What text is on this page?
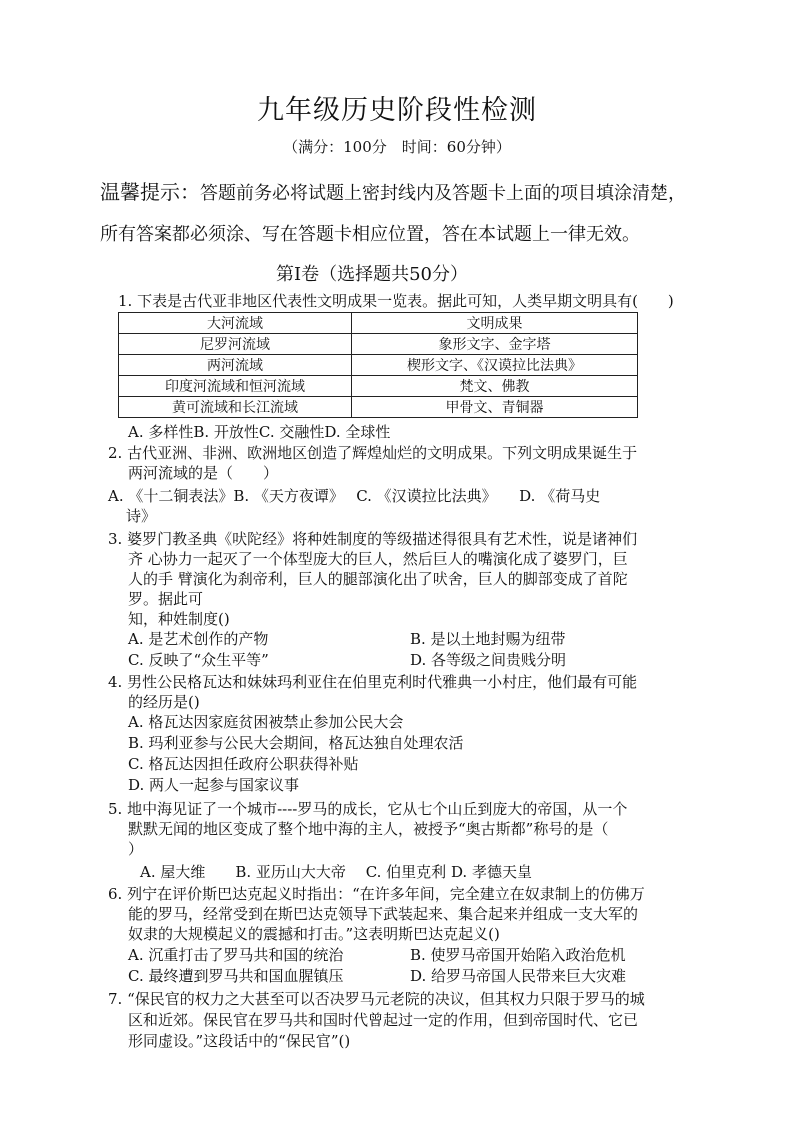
九年级历史阶段性检测
（满分：100分　时间：60分钟）
温馨提示：答题前务必将试题上密封线内及答题卡上面的项目填涂清楚，
所有答案都必须涂、写在答题卡相应位置，答在本试题上一律无效。
第Ⅰ卷（选择题共50分）
1. 下表是古代亚非地区代表性文明成果一览表。据此可知，人类早期文明具有(　　)
大河流域	文明成果
尼罗河流域	象形文字、金字塔
两河流域	楔形文字、《汉谟拉比法典》
印度河流域和恒河流域	梵文、佛教
黄可流域和长江流域	甲骨文、青铜器
A. 多样性B. 开放性C. 交融性D. 全球性
2. 古代亚洲、非洲、欧洲地区创造了辉煌灿烂的文明成果。下列文明成果诞生于
两河流域的是（　　）
A. 《十二铜表法》B. 《天方夜谭》　 C. 《汉谟拉比法典》　　D. 《荷马史
诗》
3. 婆罗门教圣典《吠陀经》将种姓制度的等级描述得很具有艺术性，说是诸神们
齐 心协力一起灭了一个体型庞大的巨人，然后巨人的嘴演化成了婆罗门，巨
人的手 臂演化为刹帝利，巨人的腿部演化出了吠舍，巨人的脚部变成了首陀
罗。据此可
知，种姓制度()
A. 是艺术创作的产物	B. 是以土地封赐为纽带
C. 反映了“众生平等”	D. 各等级之间贵贱分明
4. 男性公民格瓦达和妹妹玛利亚住在伯里克利时代雅典一小村庄，他们最有可能
的经历是()
A. 格瓦达因家庭贫困被禁止参加公民大会
B. 玛利亚参与公民大会期间，格瓦达独自处理农活
C. 格瓦达因担任政府公职获得补贴
D. 两人一起参与国家议事
5. 地中海见证了一个城市----罗马的成长，它从七个山丘到庞大的帝国，从一个
默默无闻的地区变成了整个地中海的主人，被授予“奥古斯都”称号的是（
）
A. 屋大维　　B. 亚历山大大帝　 C. 伯里克利 D. 孝德天皇
6. 列宁在评价斯巴达克起义时指出：“在许多年间，完全建立在奴隶制上的仿佛万
能的罗马，经常受到在斯巴达克领导下武装起来、集合起来并组成一支大军的
奴隶的大规模起义的震撼和打击。”这表明斯巴达克起义()
A. 沉重打击了罗马共和国的统治	B. 使罗马帝国开始陷入政治危机
C. 最终遭到罗马共和国血腥镇压	D. 给罗马帝国人民带来巨大灾难
7. “保民官的权力之大甚至可以否决罗马元老院的决议，但其权力只限于罗马的城
区和近郊。保民官在罗马共和国时代曾起过一定的作用，但到帝国时代、它已
形同虚设。”这段话中的“保民官”()
